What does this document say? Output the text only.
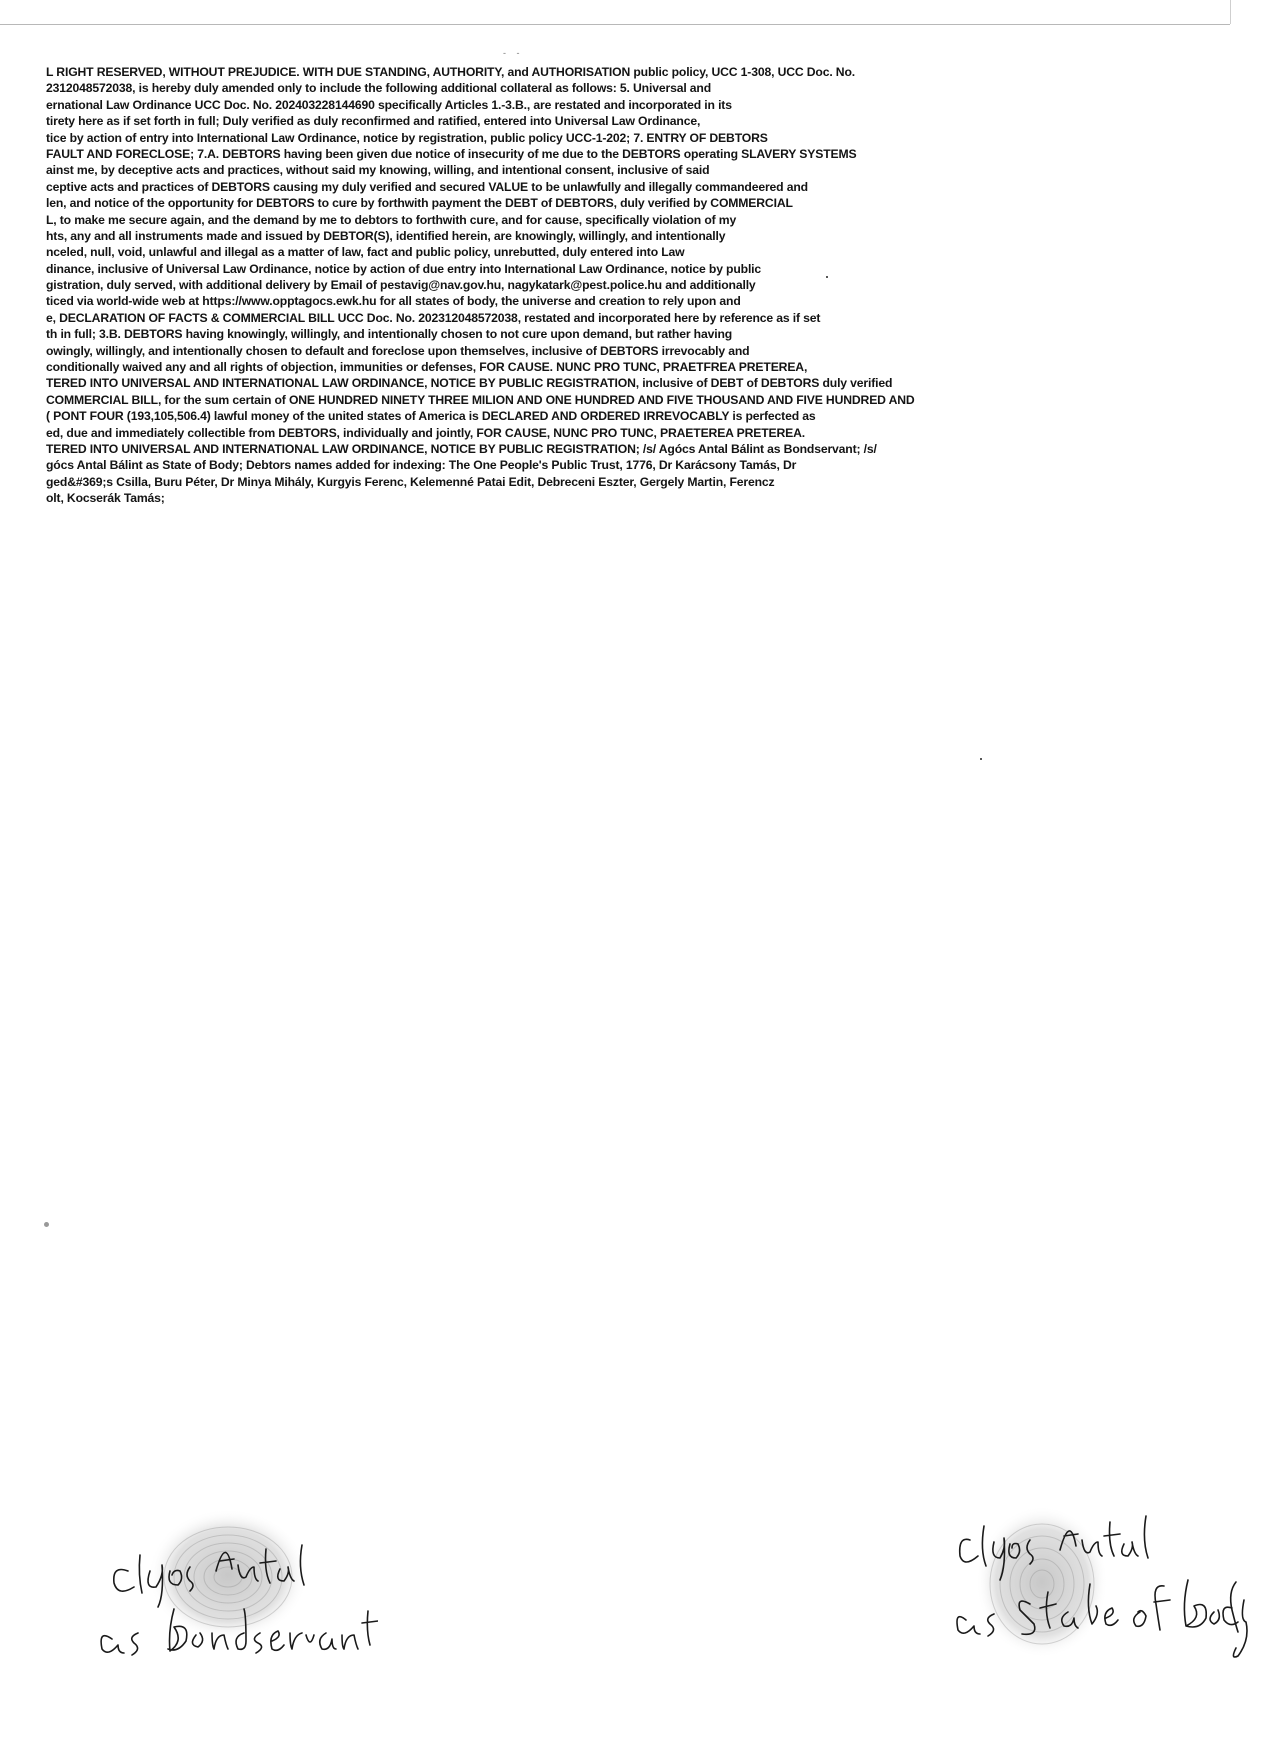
- -
L RIGHT RESERVED, WITHOUT PREJUDICE. WITH DUE STANDING, AUTHORITY, and AUTHORISATION public policy, UCC 1-308, UCC Doc. No.
2312048572038, is hereby duly amended only to include the following additional collateral as follows: 5. Universal and
ernational Law Ordinance UCC Doc. No. 202403228144690 specifically Articles 1.-3.B., are restated and incorporated in its
tirety here as if set forth in full; Duly verified as duly reconfirmed and ratified, entered into Universal Law Ordinance,
tice by action of entry into International Law Ordinance, notice by registration, public policy UCC-1-202; 7. ENTRY OF DEBTORS
FAULT AND FORECLOSE; 7.A. DEBTORS having been given due notice of insecurity of me due to the DEBTORS operating SLAVERY SYSTEMS
ainst me, by deceptive acts and practices, without said my knowing, willing, and intentional consent, inclusive of said
ceptive acts and practices of DEBTORS causing my duly verified and secured VALUE to be unlawfully and illegally commandeered and
len, and notice of the opportunity for DEBTORS to cure by forthwith payment the DEBT of DEBTORS, duly verified by COMMERCIAL
L, to make me secure again, and the demand by me to debtors to forthwith cure, and for cause, specifically violation of my
hts, any and all instruments made and issued by DEBTOR(S), identified herein, are knowingly, willingly, and intentionally
nceled, null, void, unlawful and illegal as a matter of law, fact and public policy, unrebutted, duly entered into Law
dinance, inclusive of Universal Law Ordinance, notice by action of due entry into International Law Ordinance, notice by public
gistration, duly served, with additional delivery by Email of pestavig@nav.gov.hu, nagykatark@pest.police.hu and additionally
ticed via world-wide web at https://www.opptagocs.ewk.hu for all states of body, the universe and creation to rely upon and
e, DECLARATION OF FACTS & COMMERCIAL BILL UCC Doc. No. 202312048572038, restated and incorporated here by reference as if set
th in full; 3.B. DEBTORS having knowingly, willingly, and intentionally chosen to not cure upon demand, but rather having
owingly, willingly, and intentionally chosen to default and foreclose upon themselves, inclusive of DEBTORS irrevocably and
conditionally waived any and all rights of objection, immunities or defenses, FOR CAUSE. NUNC PRO TUNC, PRAETFREA PRETEREA,
TERED INTO UNIVERSAL AND INTERNATIONAL LAW ORDINANCE, NOTICE BY PUBLIC REGISTRATION, inclusive of DEBT of DEBTORS duly verified
COMMERCIAL BILL, for the sum certain of ONE HUNDRED NINETY THREE MILION AND ONE HUNDRED AND FIVE THOUSAND AND FIVE HUNDRED AND
( PONT FOUR (193,105,506.4) lawful money of the united states of America is DECLARED AND ORDERED IRREVOCABLY is perfected as
ed, due and immediately collectible from DEBTORS, individually and jointly, FOR CAUSE, NUNC PRO TUNC, PRAETEREA PRETEREA.
TERED INTO UNIVERSAL AND INTERNATIONAL LAW ORDINANCE, NOTICE BY PUBLIC REGISTRATION; /s/ Agócs Antal Bálint as Bondservant; /s/
gócs Antal Bálint as State of Body; Debtors names added for indexing: The One People's Public Trust, 1776, Dr Karácsony Tamás, Dr
ged&#369;s Csilla, Buru Péter, Dr Minya Mihály, Kurgyis Ferenc, Kelemenné Patai Edit, Debreceni Eszter, Gergely Martin, Ferencz
olt, Kocserák Tamás;
